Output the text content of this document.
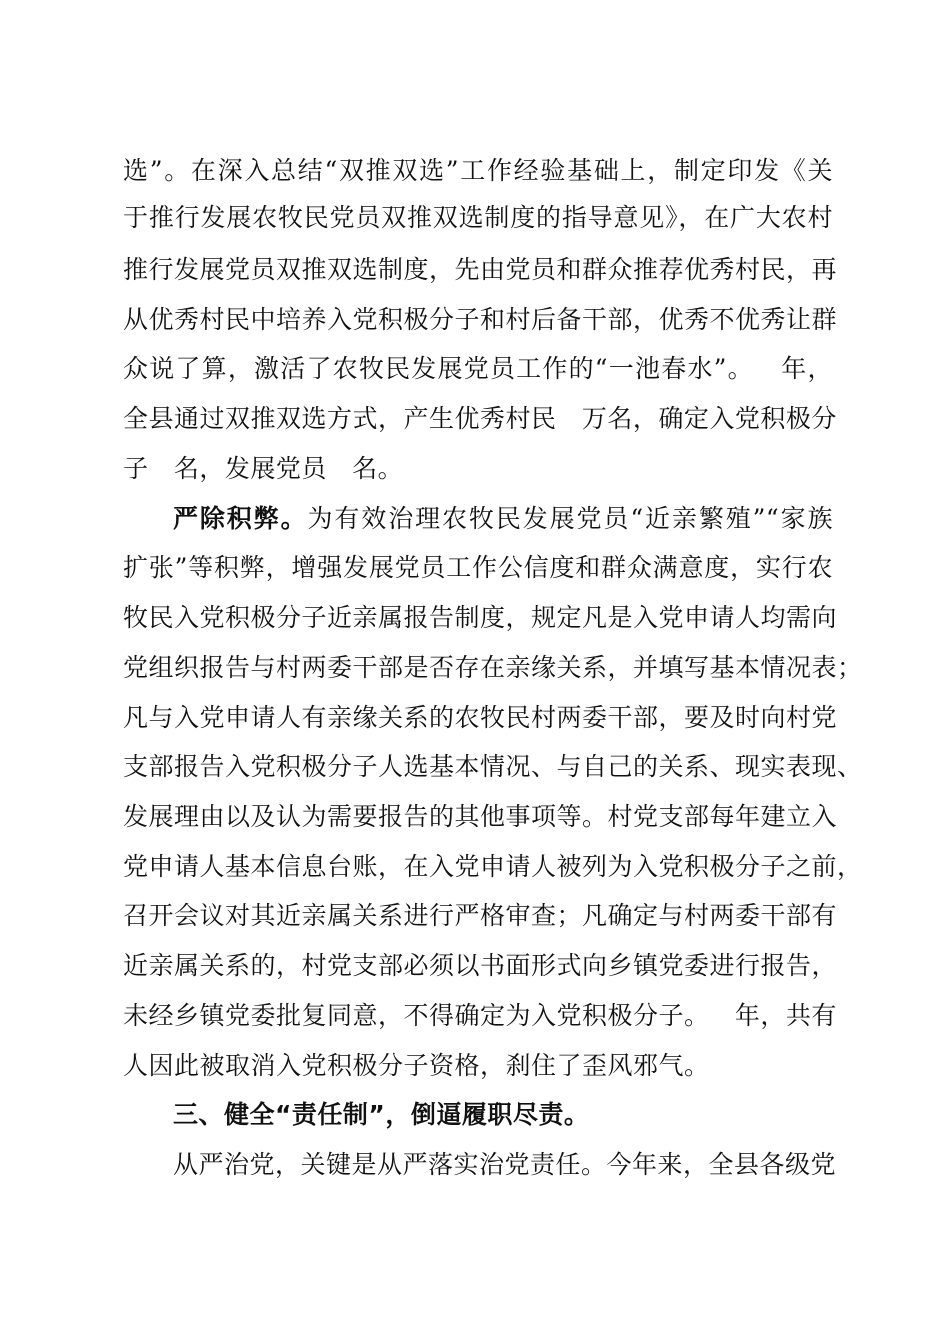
选”。在深入总结“双推双选”工作经验基础上，制定印发《关
于推行发展农牧民党员双推双选制度的指导意见》，在广大农村
推行发展党员双推双选制度，先由党员和群众推荐优秀村民，再
从优秀村民中培养入党积极分子和村后备干部，优秀不优秀让群
众说了算，激活了农牧民发展党员工作的“一池春水”。   年，
全县通过双推双选方式，产生优秀村民   万名，确定入党积极分
子   名，发展党员   名。
严除积弊。为有效治理农牧民发展党员“近亲繁殖”“家族
扩张”等积弊，增强发展党员工作公信度和群众满意度，实行农
牧民入党积极分子近亲属报告制度，规定凡是入党申请人均需向
党组织报告与村两委干部是否存在亲缘关系，并填写基本情况表；
凡与入党申请人有亲缘关系的农牧民村两委干部，要及时向村党
支部报告入党积极分子人选基本情况、与自己的关系、现实表现、
发展理由以及认为需要报告的其他事项等。村党支部每年建立入
党申请人基本信息台账，在入党申请人被列为入党积极分子之前，
召开会议对其近亲属关系进行严格审查；凡确定与村两委干部有
近亲属关系的，村党支部必须以书面形式向乡镇党委进行报告，
未经乡镇党委批复同意，不得确定为入党积极分子。   年，共有
人因此被取消入党积极分子资格，刹住了歪风邪气。
三、健全“责任制”，倒逼履职尽责。
从严治党，关键是从严落实治党责任。今年来，全县各级党
